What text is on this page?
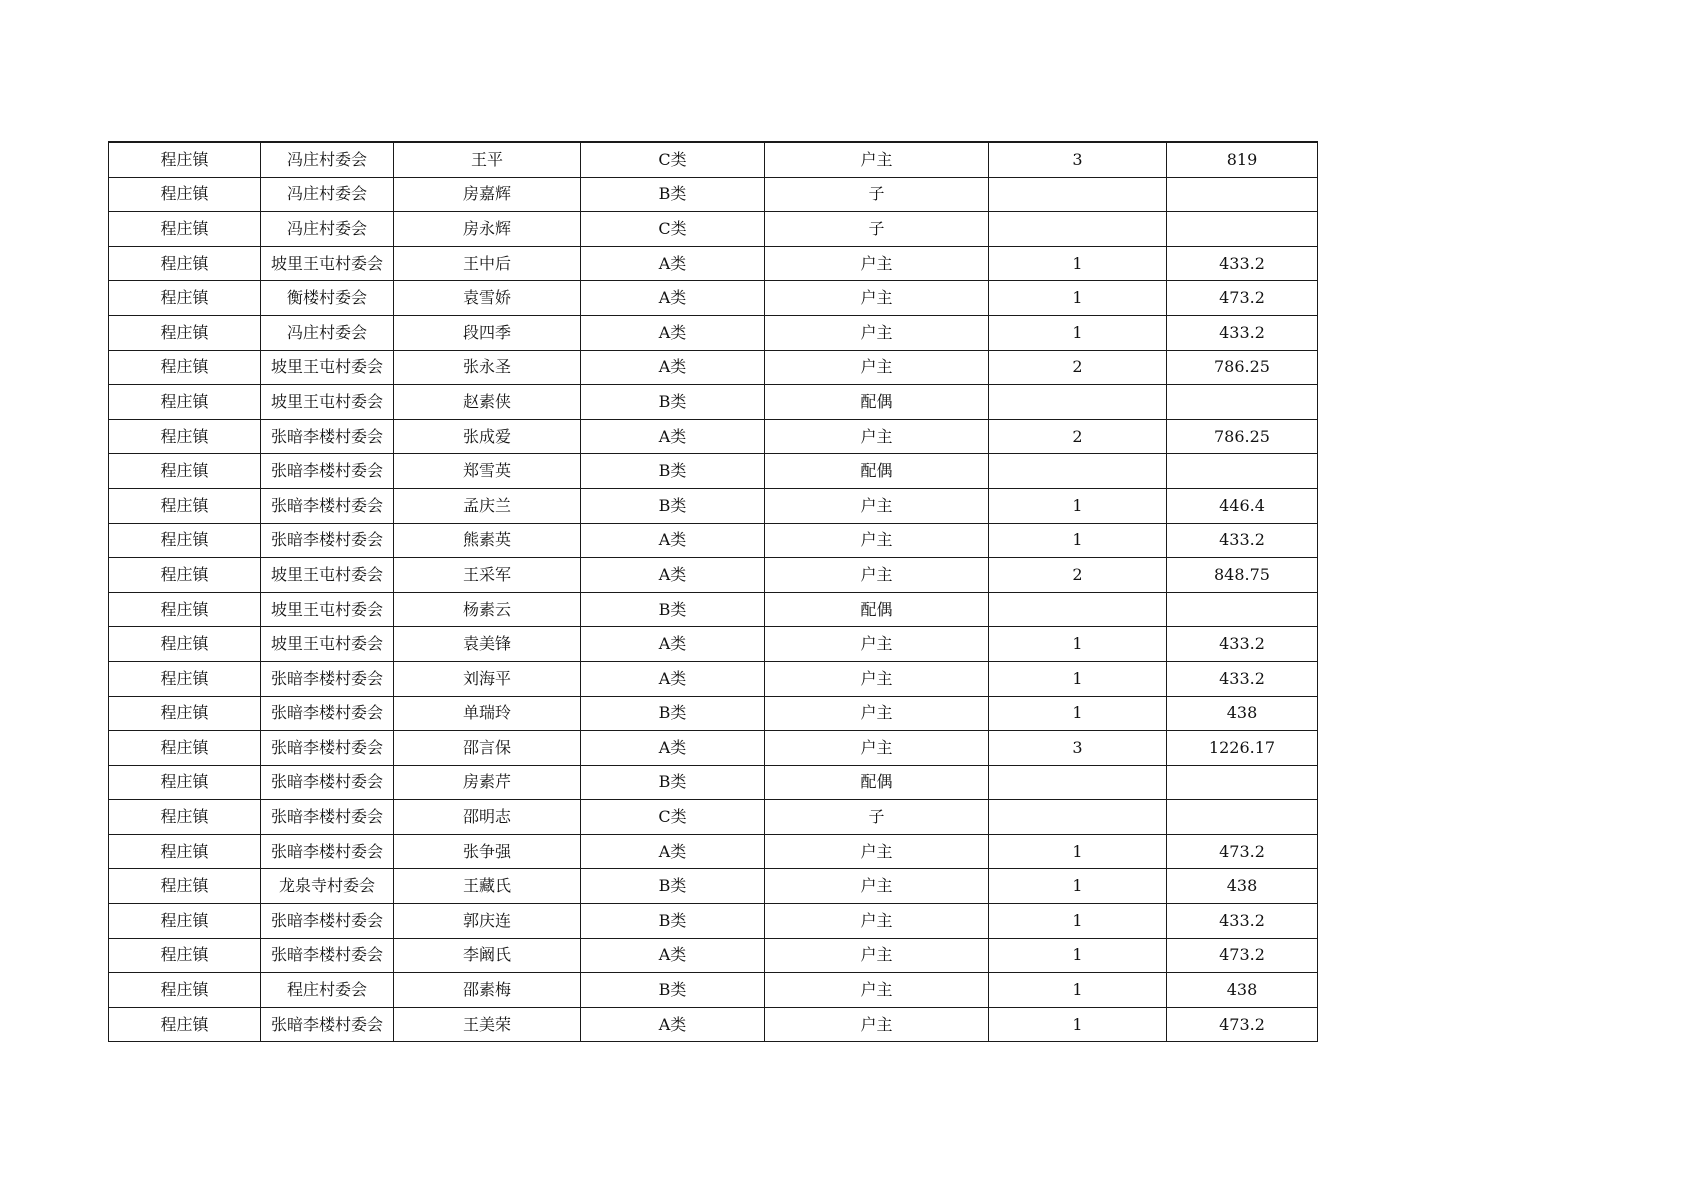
程庄镇	冯庄村委会	王平	C类	户主	3	819
程庄镇	冯庄村委会	房嘉辉	B类	子		
程庄镇	冯庄村委会	房永辉	C类	子		
程庄镇	坡里王屯村委会	王中后	A类	户主	1	433.2
程庄镇	衡楼村委会	袁雪娇	A类	户主	1	473.2
程庄镇	冯庄村委会	段四季	A类	户主	1	433.2
程庄镇	坡里王屯村委会	张永圣	A类	户主	2	786.25
程庄镇	坡里王屯村委会	赵素侠	B类	配偶		
程庄镇	张暗李楼村委会	张成爱	A类	户主	2	786.25
程庄镇	张暗李楼村委会	郑雪英	B类	配偶		
程庄镇	张暗李楼村委会	孟庆兰	B类	户主	1	446.4
程庄镇	张暗李楼村委会	熊素英	A类	户主	1	433.2
程庄镇	坡里王屯村委会	王采军	A类	户主	2	848.75
程庄镇	坡里王屯村委会	杨素云	B类	配偶		
程庄镇	坡里王屯村委会	袁美锋	A类	户主	1	433.2
程庄镇	张暗李楼村委会	刘海平	A类	户主	1	433.2
程庄镇	张暗李楼村委会	单瑞玲	B类	户主	1	438
程庄镇	张暗李楼村委会	邵言保	A类	户主	3	1226.17
程庄镇	张暗李楼村委会	房素芹	B类	配偶		
程庄镇	张暗李楼村委会	邵明志	C类	子		
程庄镇	张暗李楼村委会	张争强	A类	户主	1	473.2
程庄镇	龙泉寺村委会	王藏氏	B类	户主	1	438
程庄镇	张暗李楼村委会	郭庆连	B类	户主	1	433.2
程庄镇	张暗李楼村委会	李阚氏	A类	户主	1	473.2
程庄镇	程庄村委会	邵素梅	B类	户主	1	438
程庄镇	张暗李楼村委会	王美荣	A类	户主	1	473.2
